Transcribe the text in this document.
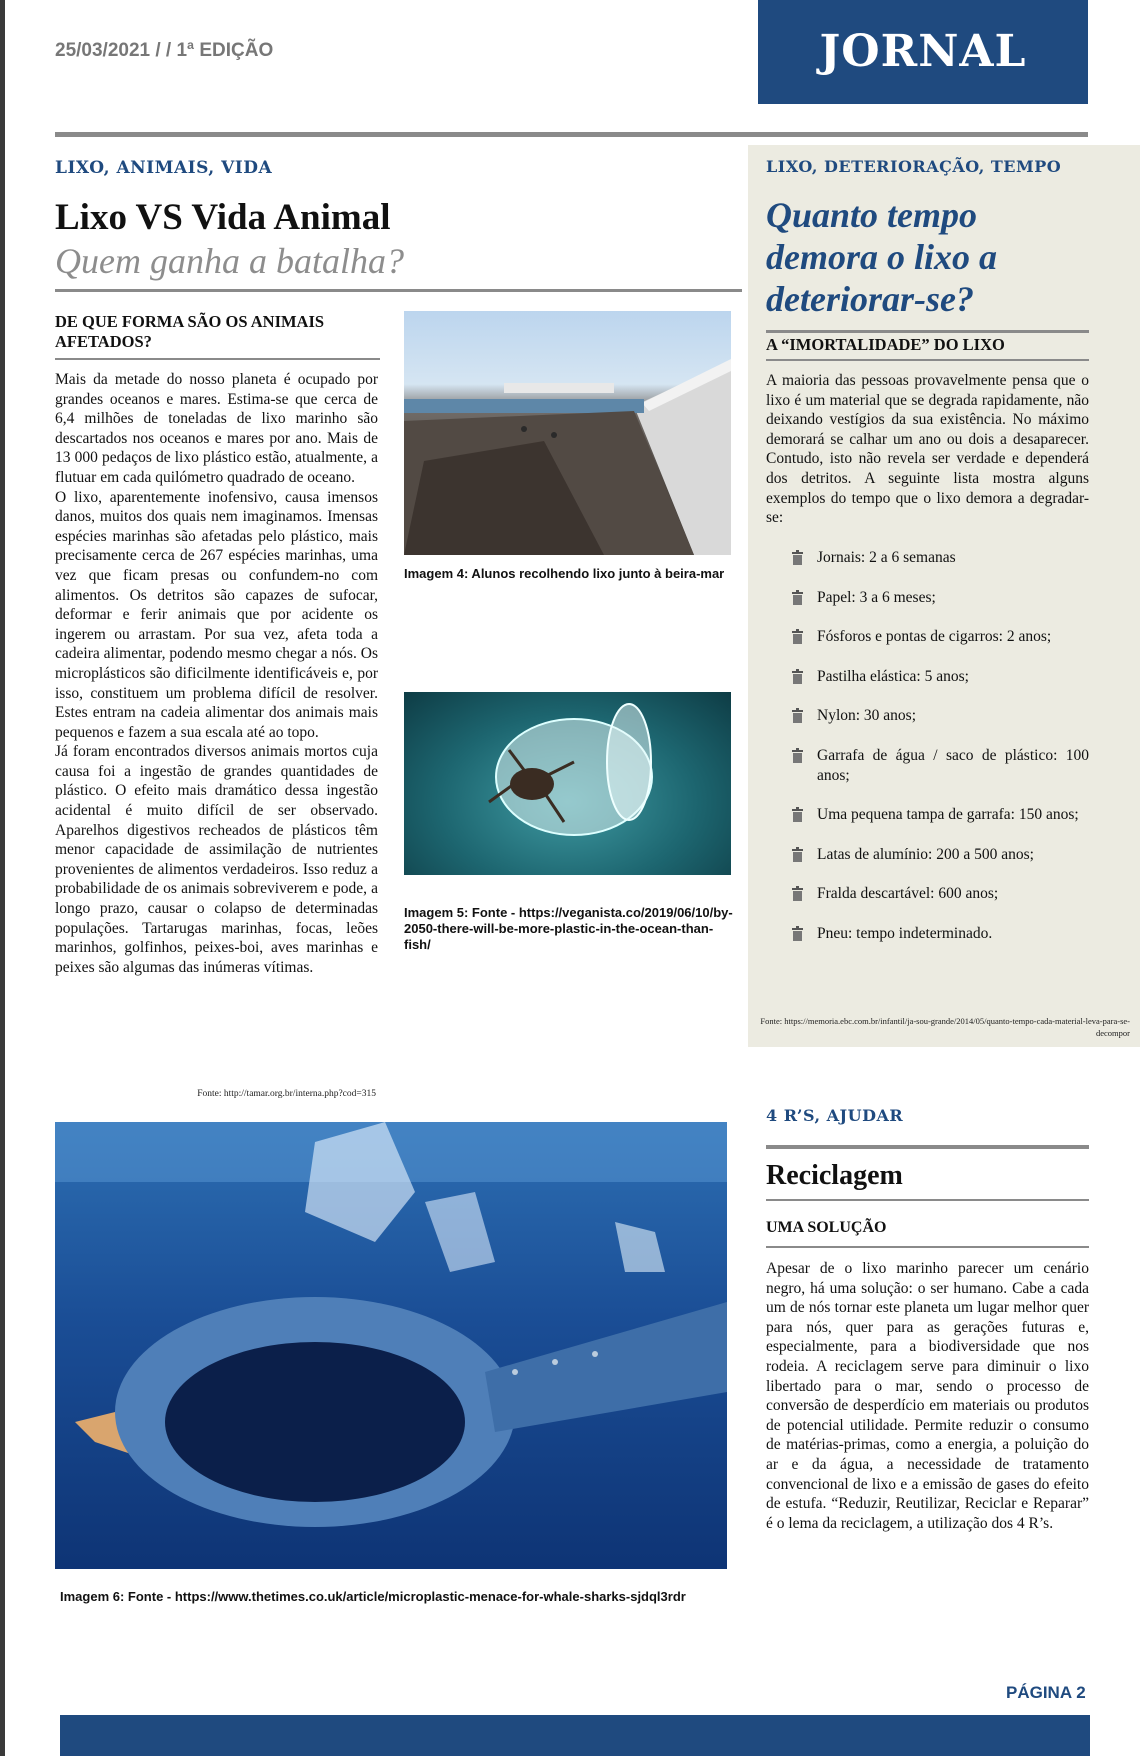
25/03/2021 / / 1ª EDIÇÃO	JORNAL
LIXO, ANIMAIS, VIDA
Lixo VS Vida Animal
Quem ganha a batalha?
DE QUE FORMA SÃO OS ANIMAIS AFETADOS?

Mais da metade do nosso planeta é ocupado por grandes oceanos e mares. Estima-se que cerca de 6,4 milhões de toneladas de lixo marinho são descartados nos oceanos e mares por ano. Mais de 13 000 pedaços de lixo plástico estão, atualmente, a flutuar em cada quilómetro quadrado de oceano.

O lixo, aparentemente inofensivo, causa imensos danos, muitos dos quais nem imaginamos. Imensas espécies marinhas são afetadas pelo plástico, mais precisamente cerca de 267 espécies marinhas, uma vez que ficam presas ou confundem-no com alimentos. Os detritos são capazes de sufocar, deformar e ferir animais que por acidente os ingerem ou arrastam. Por sua vez, afeta toda a cadeira alimentar, podendo mesmo chegar a nós. Os microplásticos são dificilmente identificáveis e, por isso, constituem um problema difícil de resolver. Estes entram na cadeia alimentar dos animais mais pequenos e fazem a sua escala até ao topo.

Já foram encontrados diversos animais mortos cuja causa foi a ingestão de grandes quantidades de plástico. O efeito mais dramático dessa ingestão acidental é muito difícil de ser observado. Aparelhos digestivos recheados de plásticos têm menor capacidade de assimilação de nutrientes provenientes de alimentos verdadeiros. Isso reduz a probabilidade de os animais sobreviverem e pode, a longo prazo, causar o colapso de determinadas populações. Tartarugas marinhas, focas, leões marinhos, golfinhos, peixes-boi, aves marinhas e peixes são algumas das inúmeras vítimas.

Fonte: http://tamar.org.br/interna.php?cod=315
Imagem 4: Alunos recolhendo lixo junto à beira-mar
Imagem 5: Fonte - https://veganista.co/2019/06/10/by-2050-there-will-be-more-plastic-in-the-ocean-than-fish/
Imagem 6: Fonte - https://www.thetimes.co.uk/article/microplastic-menace-for-whale-sharks-sjdql3rdr
LIXO, DETERIORAÇÃO, TEMPO
Quanto tempo demora o lixo a deteriorar-se?
A “IMORTALIDADE” DO LIXO
A maioria das pessoas provavelmente pensa que o lixo é um material que se degrada rapidamente, não deixando vestígios da sua existência. No máximo demorará se calhar um ano ou dois a desaparecer. Contudo, isto não revela ser verdade e dependerá dos detritos. A seguinte lista mostra alguns exemplos do tempo que o lixo demora a degradar-se:
Jornais: 2 a 6 semanas
Papel: 3 a 6 meses;
Fósforos e pontas de cigarros: 2 anos;
Pastilha elástica: 5 anos;
Nylon: 30 anos;
Garrafa de água / saco de plástico: 100 anos;
Uma pequena tampa de garrafa: 150 anos;
Latas de alumínio: 200 a 500 anos;
Fralda descartável: 600 anos;
Pneu: tempo indeterminado.
Fonte: https://memoria.ebc.com.br/infantil/ja-sou-grande/2014/05/quanto-tempo-cada-material-leva-para-se-decompor
4 R’S, AJUDAR
Reciclagem
UMA SOLUÇÃO
Apesar de o lixo marinho parecer um cenário negro, há uma solução: o ser humano. Cabe a cada um de nós tornar este planeta um lugar melhor quer para nós, quer para as gerações futuras e, especialmente, para a biodiversidade que nos rodeia. A reciclagem serve para diminuir o lixo libertado para o mar, sendo o processo de conversão de desperdício em materiais ou produtos de potencial utilidade. Permite reduzir o consumo de matérias-primas, como a energia, a poluição do ar e da água, a necessidade de tratamento convencional de lixo e a emissão de gases do efeito de estufa. “Reduzir, Reutilizar, Reciclar e Reparar” é o lema da reciclagem, a utilização dos 4 R’s.
PÁGINA 2
